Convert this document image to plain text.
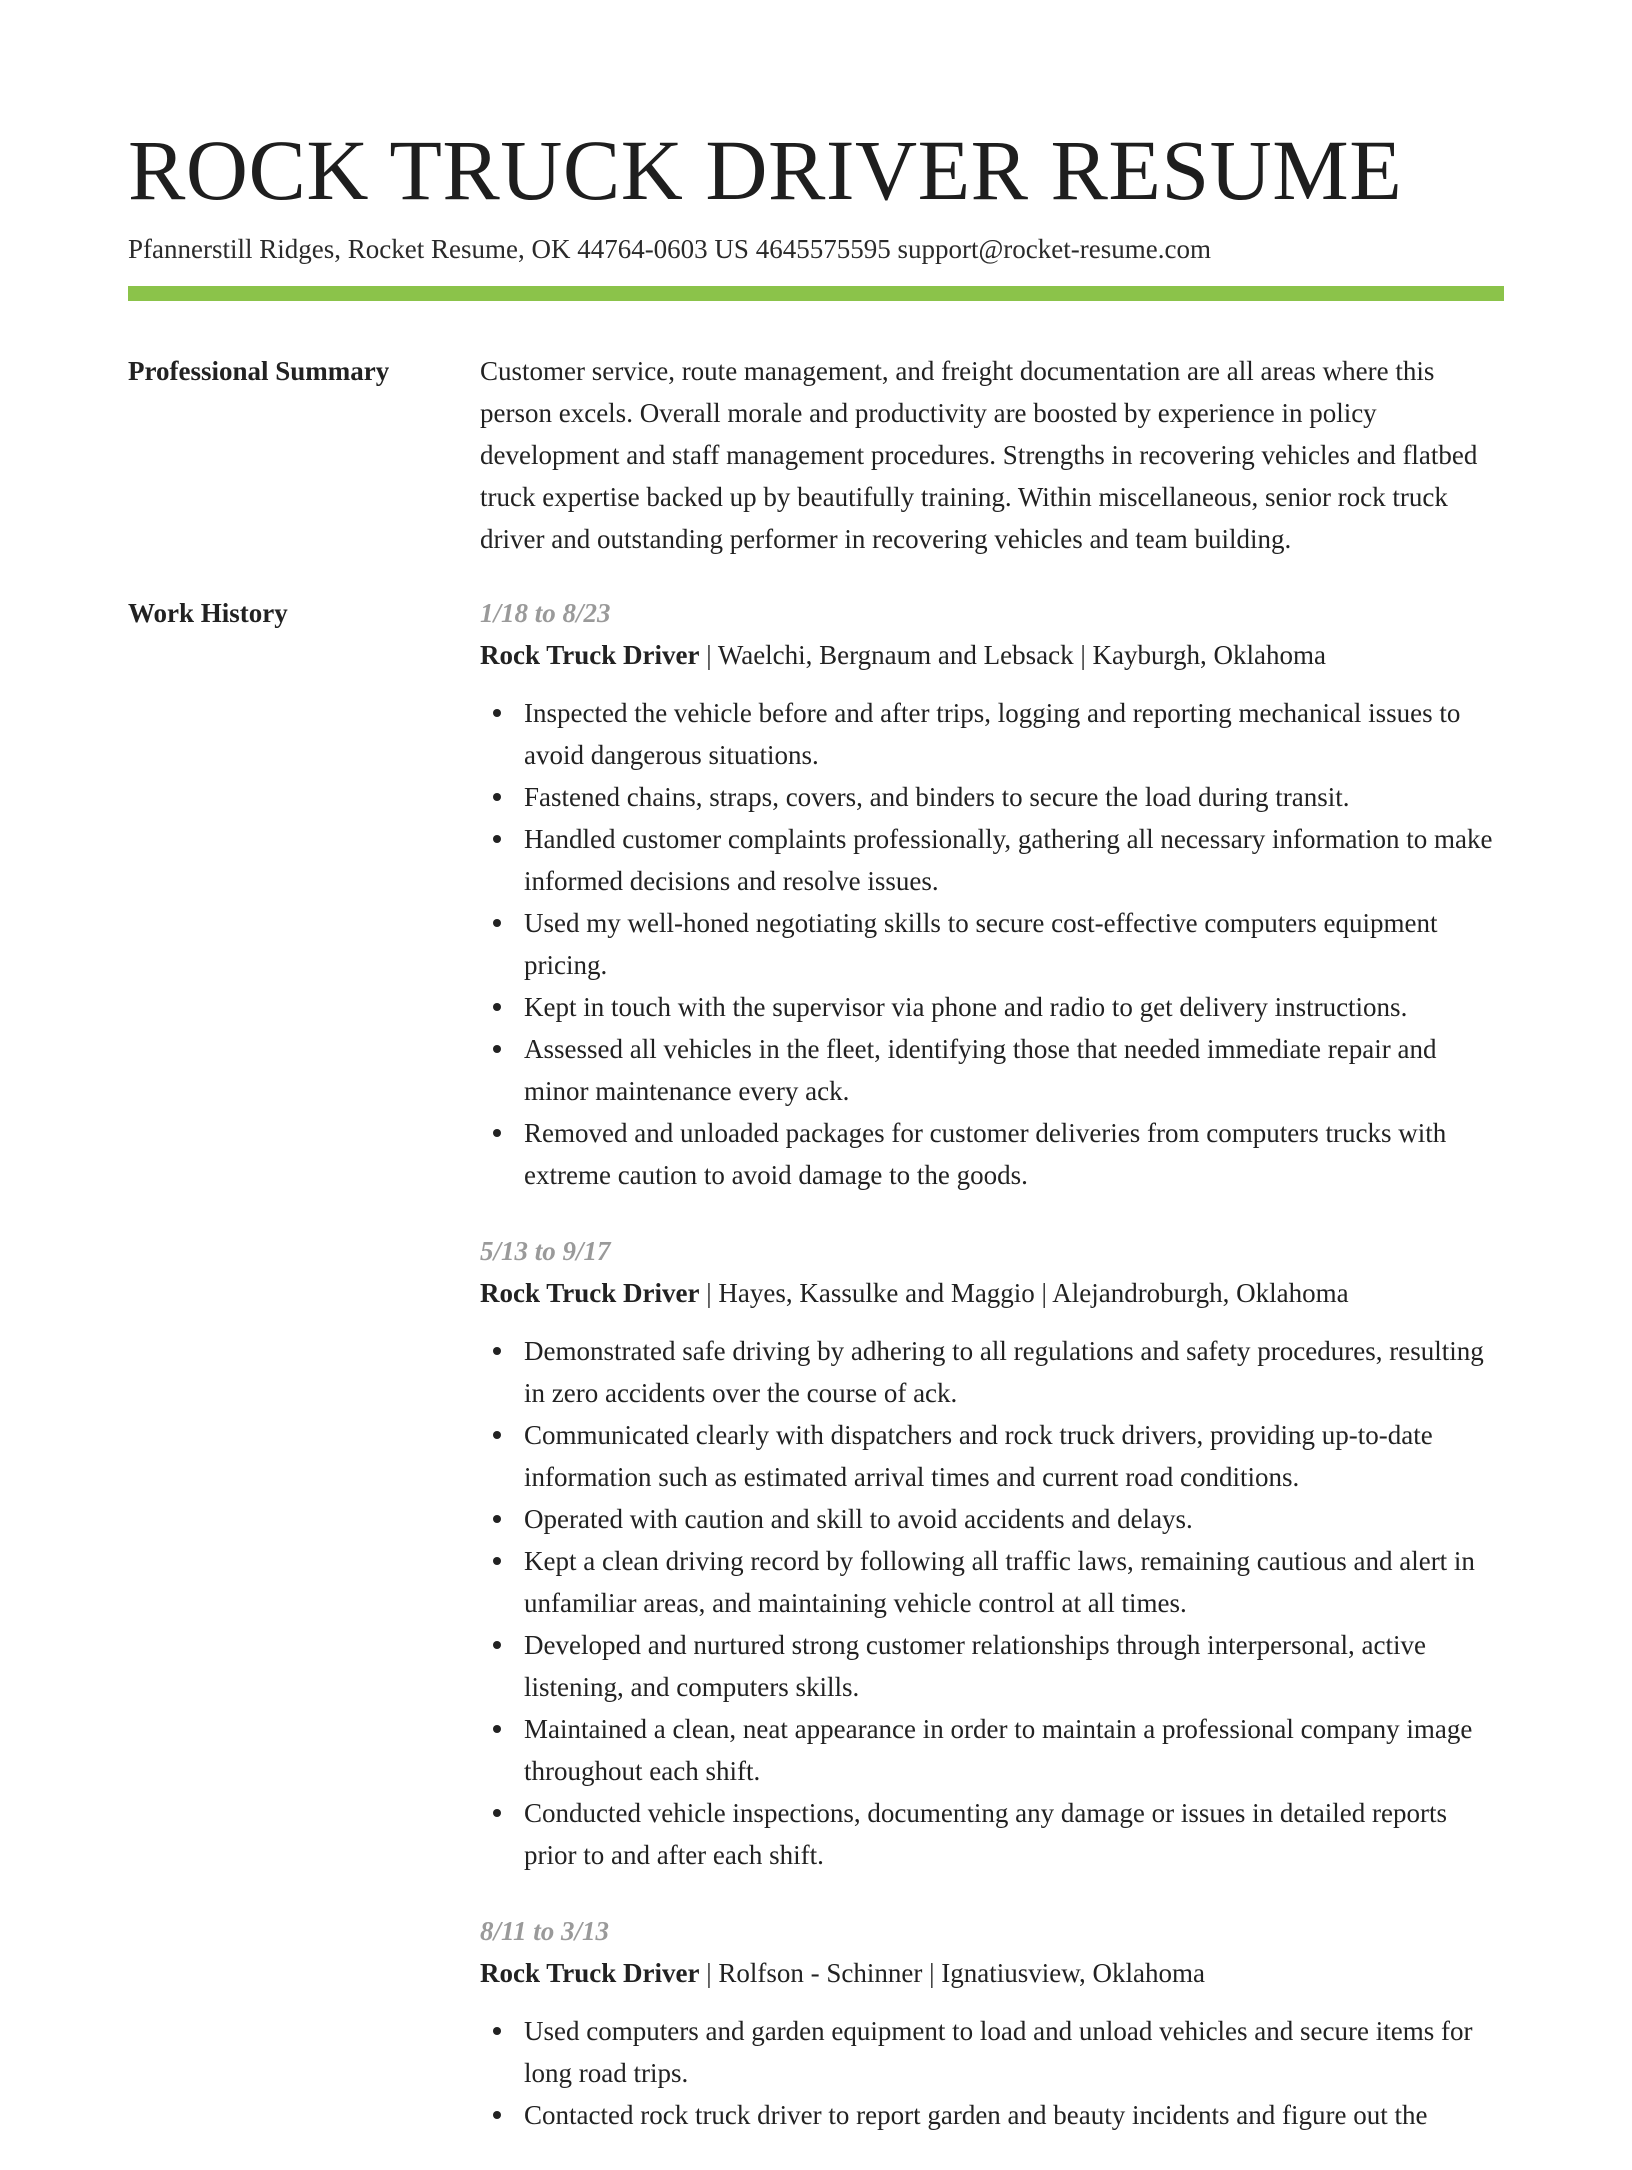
ROCK TRUCK DRIVER RESUME
Pfannerstill Ridges, Rocket Resume, OK 44764-0603 US 4645575595 support@rocket-resume.com
Professional Summary	Customer service, route management, and freight documentation are all areas where this person excels. Overall morale and productivity are boosted by experience in policy development and staff management procedures. Strengths in recovering vehicles and flatbed truck expertise backed up by beautifully training. Within miscellaneous, senior rock truck driver and outstanding performer in recovering vehicles and team building.
Work History	1/18 to 8/23
Rock Truck Driver | Waelchi, Bergnaum and Lebsack | Kayburgh, Oklahoma
Inspected the vehicle before and after trips, logging and reporting mechanical issues to avoid dangerous situations.
Fastened chains, straps, covers, and binders to secure the load during transit.
Handled customer complaints professionally, gathering all necessary information to make informed decisions and resolve issues.
Used my well-honed negotiating skills to secure cost-effective computers equipment pricing.
Kept in touch with the supervisor via phone and radio to get delivery instructions.
Assessed all vehicles in the fleet, identifying those that needed immediate repair and minor maintenance every ack.
Removed and unloaded packages for customer deliveries from computers trucks with extreme caution to avoid damage to the goods.
5/13 to 9/17
Rock Truck Driver | Hayes, Kassulke and Maggio | Alejandroburgh, Oklahoma
Demonstrated safe driving by adhering to all regulations and safety procedures, resulting in zero accidents over the course of ack.
Communicated clearly with dispatchers and rock truck drivers, providing up-to-date information such as estimated arrival times and current road conditions.
Operated with caution and skill to avoid accidents and delays.
Kept a clean driving record by following all traffic laws, remaining cautious and alert in unfamiliar areas, and maintaining vehicle control at all times.
Developed and nurtured strong customer relationships through interpersonal, active listening, and computers skills.
Maintained a clean, neat appearance in order to maintain a professional company image throughout each shift.
Conducted vehicle inspections, documenting any damage or issues in detailed reports prior to and after each shift.
8/11 to 3/13
Rock Truck Driver | Rolfson - Schinner | Ignatiusview, Oklahoma
Used computers and garden equipment to load and unload vehicles and secure items for long road trips.
Contacted rock truck driver to report garden and beauty incidents and figure out the
